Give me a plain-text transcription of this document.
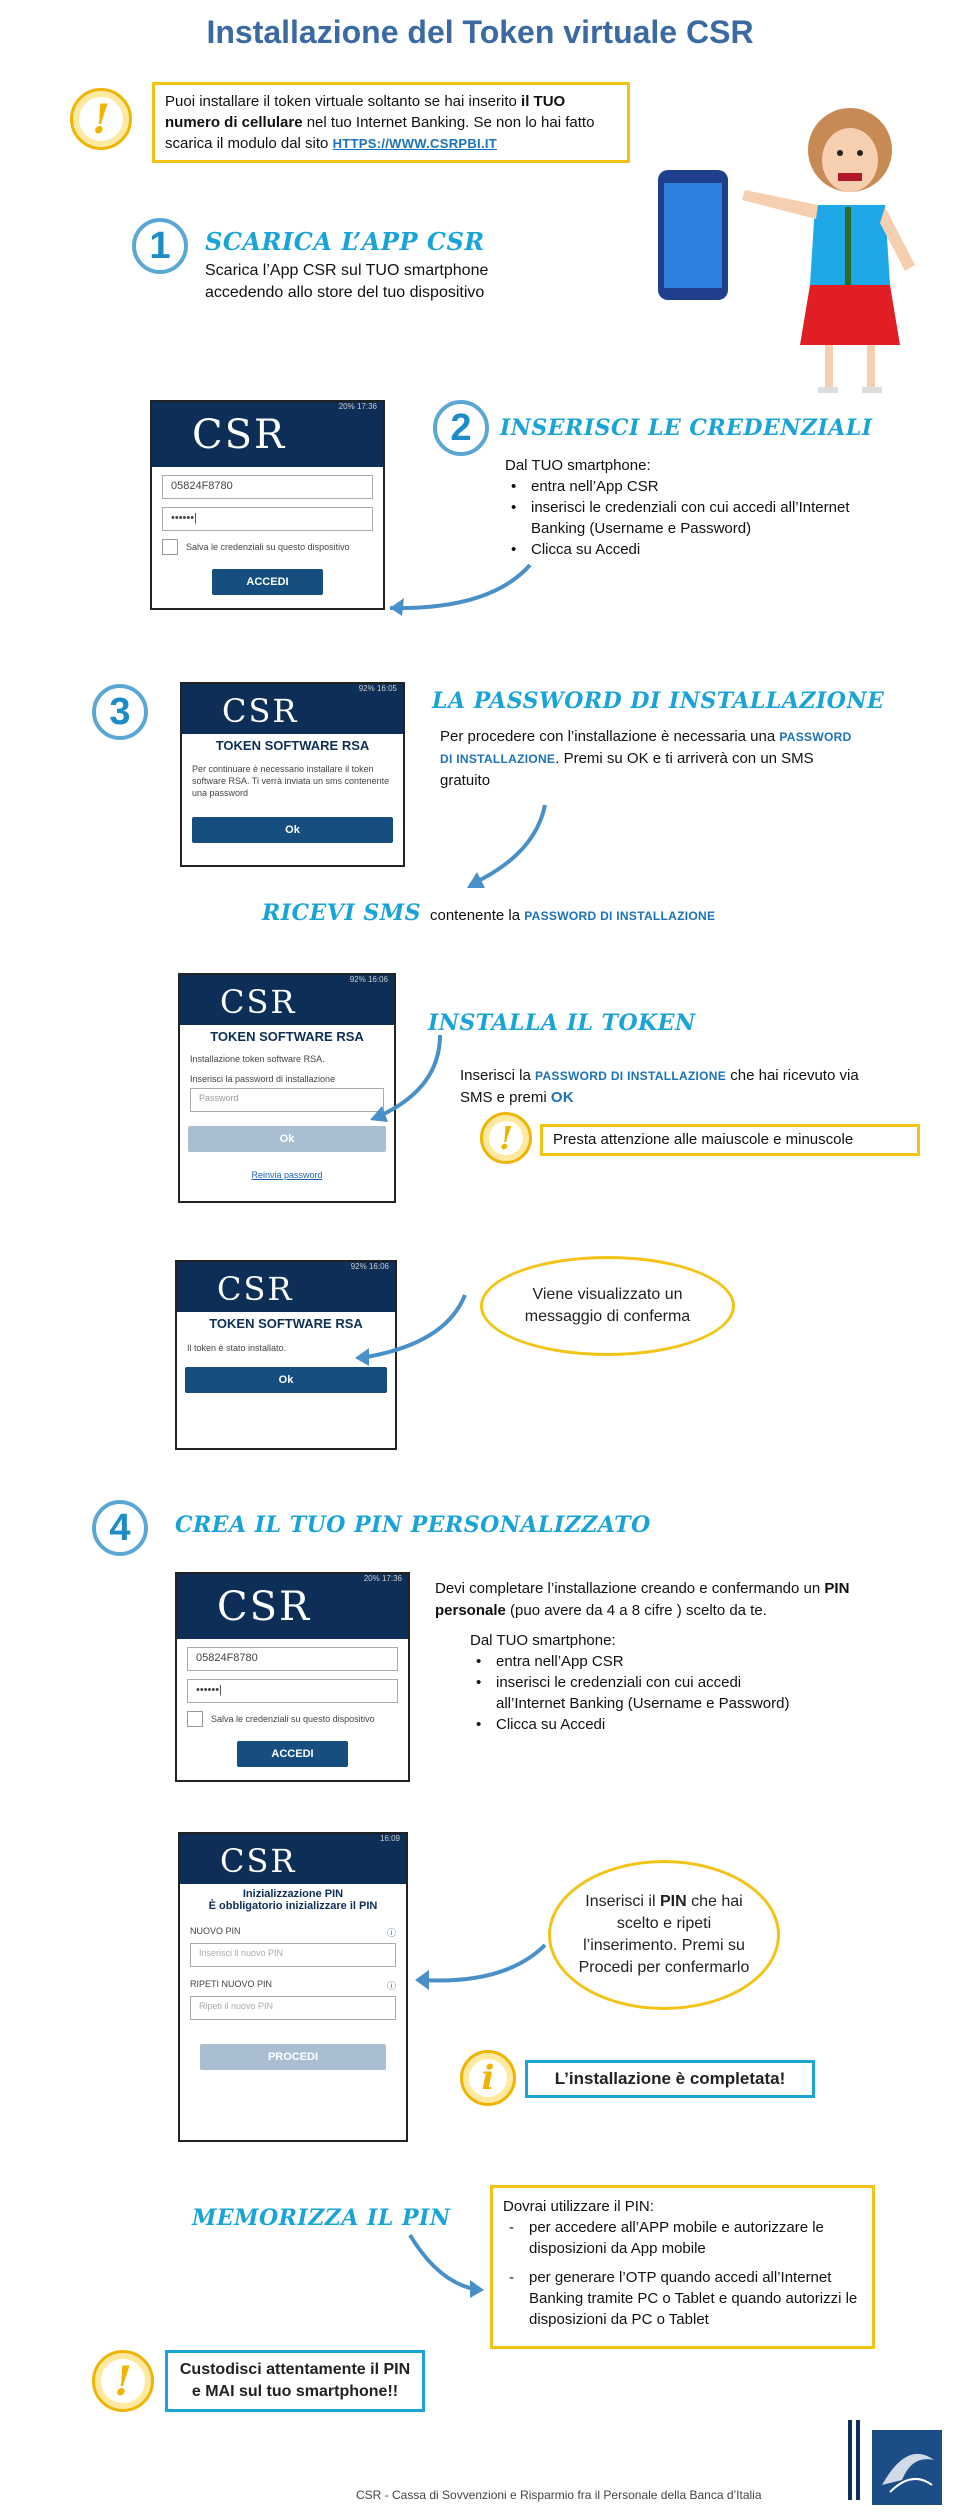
Installazione del Token virtuale CSR
!	Puoi installare il token virtuale soltanto se hai inserito il TUO numero di cellulare nel tuo Internet Banking. Se non lo hai fatto scarica il modulo dal sito HTTPS://WWW.CSRPBI.IT
1	SCARICA L’APP CSR
Scarica l’App CSR sul TUO smartphone accedendo allo store del tuo dispositivo
20% 17:36
CSR
05824F8780
••••••|
Salva le credenziali su questo dispositivo
ACCEDI
2	INSERISCI LE CREDENZIALI
Dal TUO smartphone:
• entra nell’App CSR
• inserisci le credenziali con cui accedi all’Internet Banking (Username e Password)
• Clicca su Accedi
3
92% 16:05
CSR
TOKEN SOFTWARE RSA
Per continuare è necessario installare il token software RSA. Ti verrà inviata un sms contenente una password
Ok
LA PASSWORD DI INSTALLAZIONE
Per procedere con l’installazione è necessaria una PASSWORD DI INSTALLAZIONE. Premi su OK e ti arriverà con un SMS gratuito
RICEVI SMS contenente la PASSWORD DI INSTALLAZIONE
92% 16:06
CSR
TOKEN SOFTWARE RSA
Installazione token software RSA.
Inserisci la password di installazione
Password
Ok
Reinvia password
INSTALLA IL TOKEN
Inserisci la PASSWORD DI INSTALLAZIONE che hai ricevuto via SMS e premi OK
!	Presta attenzione alle maiuscole e minuscole
92% 16:06
CSR
TOKEN SOFTWARE RSA
Il token è stato installato.
Ok
Viene visualizzato un messaggio di conferma
4	CREA IL TUO PIN PERSONALIZZATO
20% 17:36
CSR
05824F8780
••••••|
Salva le credenziali su questo dispositivo
ACCEDI
Devi completare l’installazione creando e confermando un PIN personale (puo avere da 4 a 8 cifre ) scelto da te.
Dal TUO smartphone:
• entra nell’App CSR
• inserisci le credenziali con cui accedi all’Internet Banking (Username e Password)
• Clicca su Accedi
16:09
CSR
Inizializzazione PIN
È obbligatorio inizializzare il PIN
NUOVO PIN	ⓘ
Inserisci il nuovo PIN
RIPETI NUOVO PIN	ⓘ
Ripeti il nuovo PIN
PROCEDI
Inserisci il PIN che hai scelto e ripeti l’inserimento. Premi su Procedi per confermarlo
i	L’installazione è completata!
MEMORIZZA IL PIN	Dovrai utilizzare il PIN:
- per accedere all’APP mobile e autorizzare le disposizioni da App mobile
- per generare l’OTP quando accedi all’Internet Banking tramite PC o Tablet e quando autorizzi le disposizioni da PC o Tablet
!	Custodisci attentamente il PIN e MAI sul tuo smartphone!!
CSR - Cassa di Sovvenzioni e Risparmio fra il Personale della Banca d’Italia
